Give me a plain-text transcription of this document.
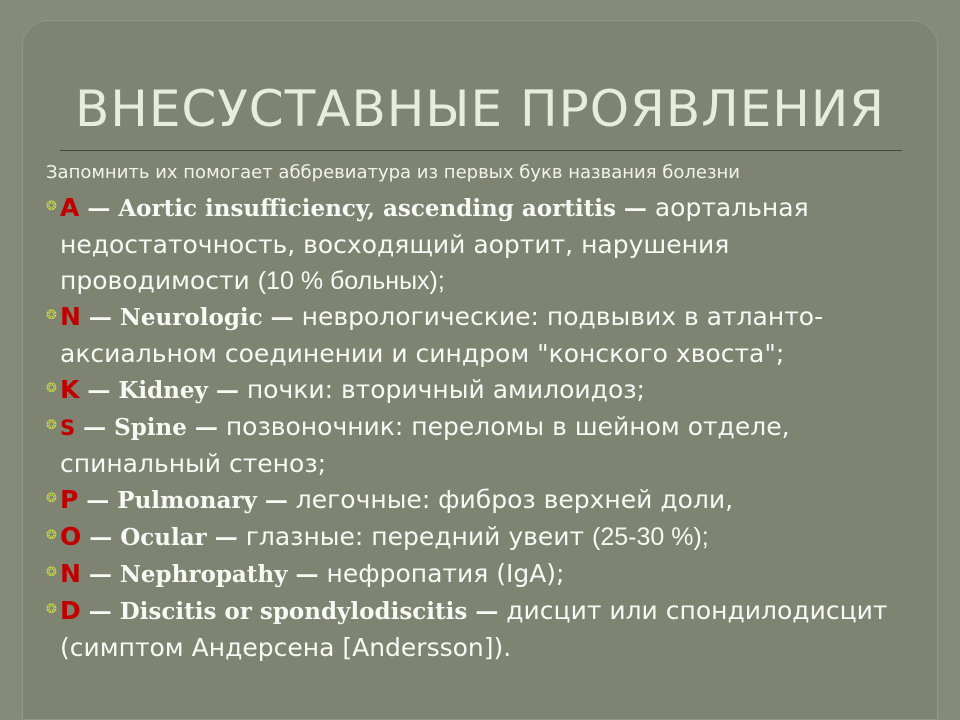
ВНЕСУСТАВНЫЕ ПРОЯВЛЕНИЯ

Запомнить их помогает аббревиатура из первых букв названия болезни

❂ A — Aortic insufficiency, ascending aortitis — аортальная недостаточность, восходящий аортит, нарушения проводимости (10 % больных);
❂ N — Neurologic — неврологические: подвывих в атланто-аксиальном соединении и синдром "конского хвоста";
❂ K — Kidney — почки: вторичный амилоидоз;
❂ S — Spine — позвоночник: переломы в шейном отделе, спинальный стеноз;
❂ P — Pulmonary — легочные: фиброз верхней доли,
❂ O — Ocular — глазные: передний увеит (25-30 %);
❂ N — Nephropathy — нефропатия (IgA);
❂ D — Discitis or spondylodiscitis — дисцит или спондилодисцит (симптом Андерсена [Andersson]).
